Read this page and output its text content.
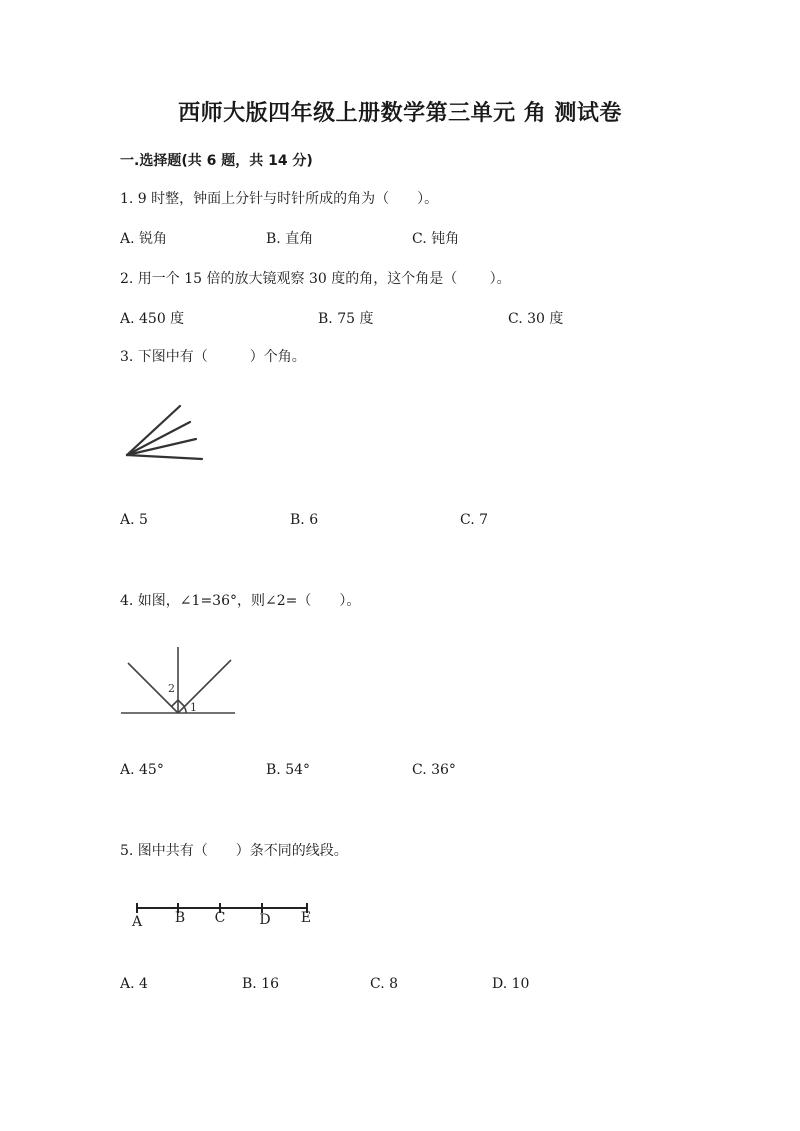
西师大版四年级上册数学第三单元 角 测试卷
一.选择题(共 6 题，共 14 分)
1. 9 时整，钟面上分针与时针所成的角为（　　）。
A. 锐角	B. 直角	C. 钝角
2. 用一个 15 倍的放大镜观察 30 度的角，这个角是（　　 ）。
A. 450 度	B. 75 度	C. 30 度
3. 下图中有（　　　）个角。
A. 5	B. 6	C. 7
4. 如图，∠1=36°，则∠2=（　　）。
2
1
A. 45°	B. 54°	C. 36°
5. 图中共有（　　）条不同的线段。
A B C D E
A. 4	B. 16	C. 8	D. 10
